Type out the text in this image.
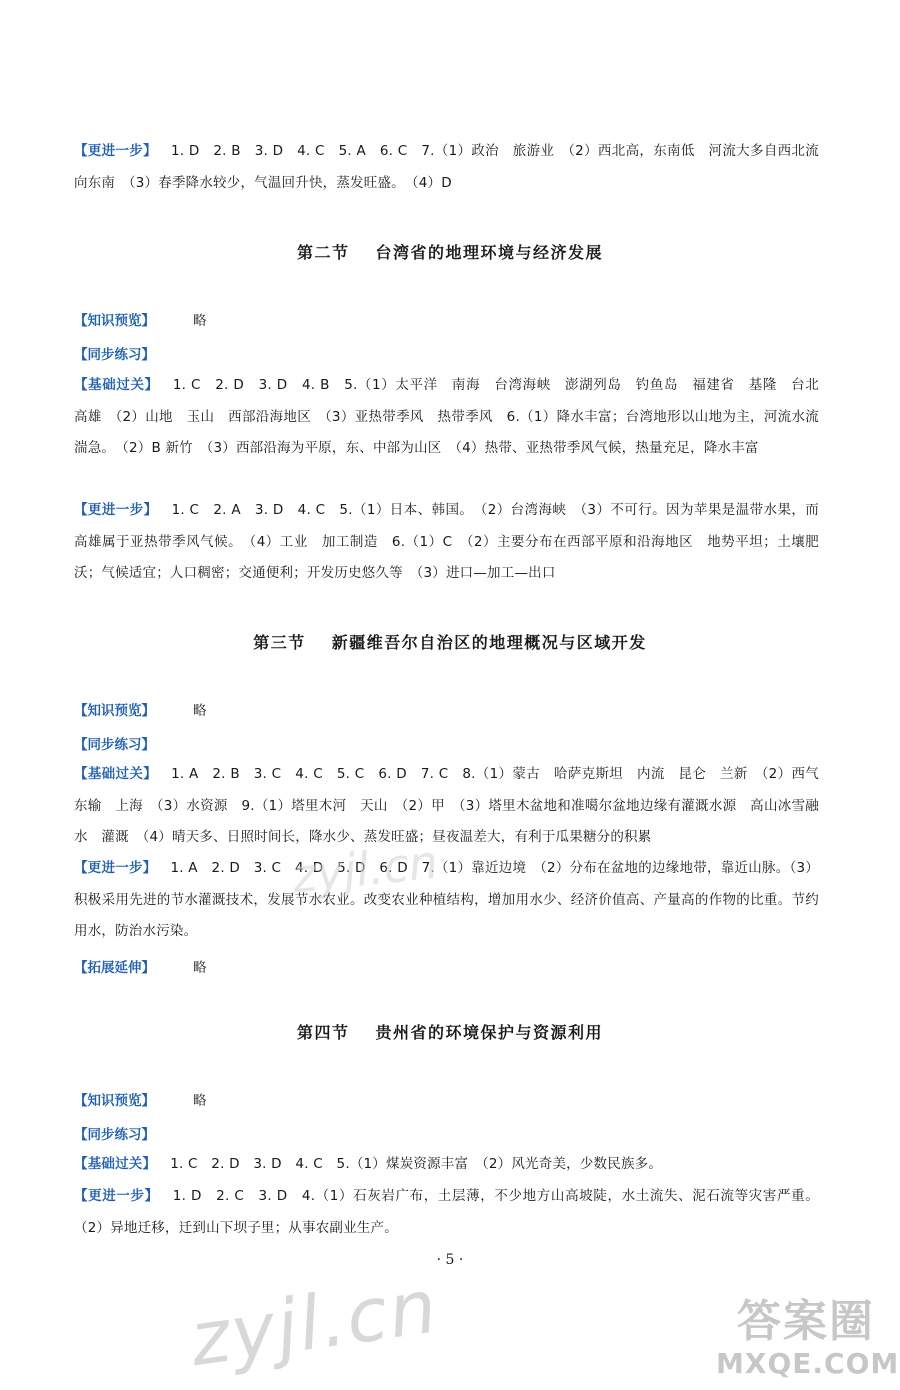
【更进一步】 1. D　2. B　3. D　4. C　5. A　6. C　7.（1）政治　旅游业　（2）西北高，东南低　河流大多自西北流向东南　（3）春季降水较少，气温回升快，蒸发旺盛。　（4）D

第二节 台湾省的地理环境与经济发展

【知识预览】	略

【同步练习】

【基础过关】 1. C　2. D　3. D　4. B　5.（1）太平洋　南海　台湾海峡　澎湖列岛　钓鱼岛　福建省　基隆　台北　高雄　（2）山地　玉山　西部沿海地区　（3）亚热带季风　热带季风　6.（1）降水丰富；台湾地形以山地为主，河流水流湍急。　（2）B 新竹　（3）西部沿海为平原，东、中部为山区　（4）热带、亚热带季风气候，热量充足，降水丰富

【更进一步】 1. C　2. A　3. D　4. C　5.（1）日本、韩国。　（2）台湾海峡　（3）不可行。因为苹果是温带水果，而高雄属于亚热带季风气候。　（4）工业　加工制造　6.（1）C　（2）主要分布在西部平原和沿海地区　地势平坦；土壤肥沃；气候适宜；人口稠密；交通便利；开发历史悠久等　（3）进口—加工—出口

第三节 新疆维吾尔自治区的地理概况与区域开发

【知识预览】	略

【同步练习】

【基础过关】 1. A　2. B　3. C　4. C　5. C　6. D　7. C　8.（1）蒙古　哈萨克斯坦　内流　昆仑　兰新　（2）西气东输　上海　（3）水资源　9.（1）塔里木河　天山　（2）甲　（3）塔里木盆地和准噶尔盆地边缘有灌溉水源　高山冰雪融水　灌溉　（4）晴天多、日照时间长，降水少、蒸发旺盛；昼夜温差大，有利于瓜果糖分的积累

【更进一步】 1. A　2. D　3. C　4. D　5. D　6. D　7.（1）靠近边境　（2）分布在盆地的边缘地带，靠近山脉。（3）积极采用先进的节水灌溉技术，发展节水农业。改变农业种植结构，增加用水少、经济价值高、产量高的作物的比重。节约用水，防治水污染。

【拓展延伸】	略

第四节 贵州省的环境保护与资源利用

【知识预览】	略

【同步练习】

【基础过关】 1. C　2. D　3. D　4. C　5.（1）煤炭资源丰富　（2）风光奇美，少数民族多。

【更进一步】 1. D　2. C　3. D　4.（1）石灰岩广布，土层薄，不少地方山高坡陡，水土流失、泥石流等灾害严重。（2）异地迁移，迁到山下坝子里；从事农副业生产。

· 5 ·

zyjl.cn
zyjl.cn	答案圈
MXQE.COM
